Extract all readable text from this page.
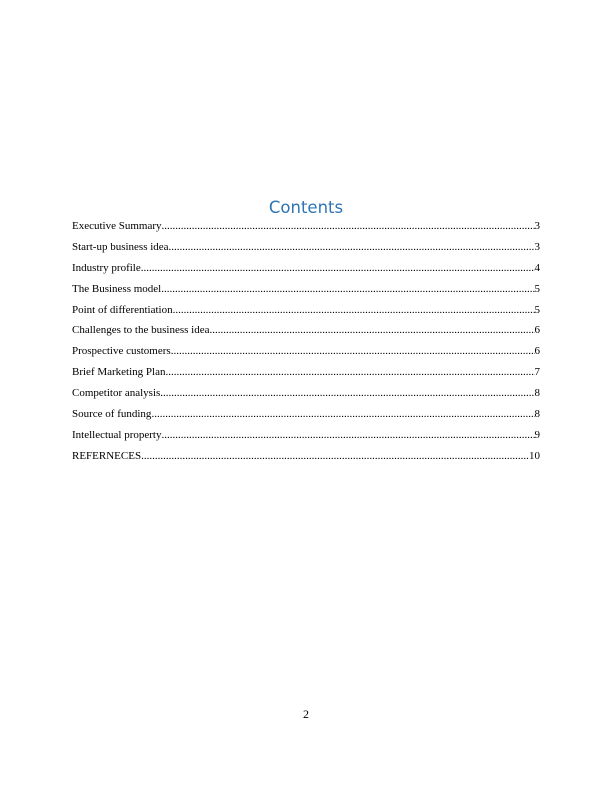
Contents
Executive Summary .....	3
Start-up business idea .....	3
Industry profile .....	4
The Business model .....	5
Point of differentiation .....	5
Challenges to the business idea .....	6
Prospective customers .....	6
Brief Marketing Plan .....	7
Competitor analysis .....	8
Source of funding .....	8
Intellectual property .....	9
REFERNECES .....	10
2
